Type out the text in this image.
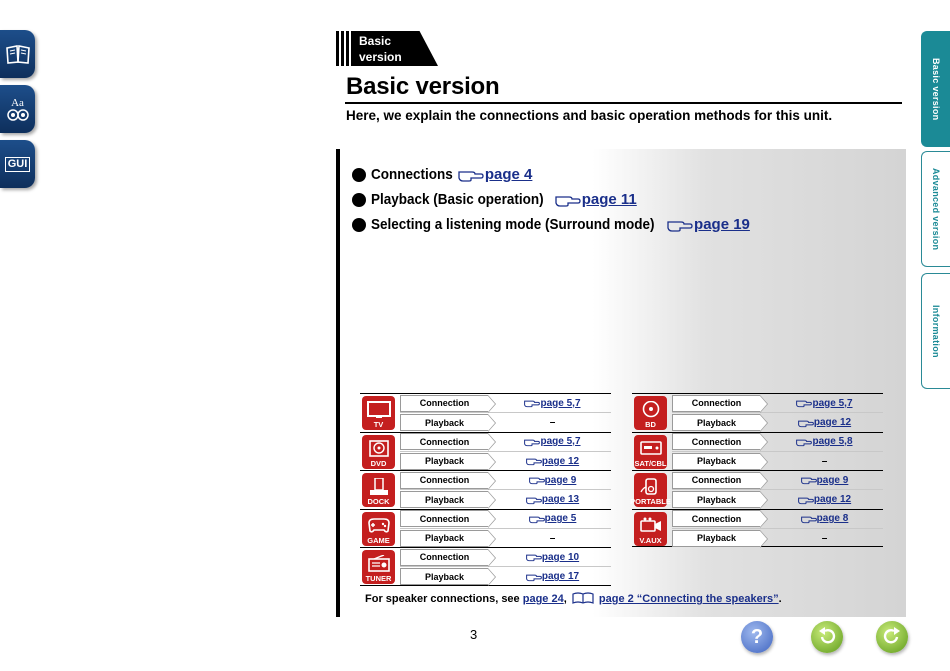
Aa
GUI
Basic version
Advanced version
Information
Basic
version
Basic version
Here, we explain the connections and basic operation methods for this unit.
Connections page 4
Playback (Basic operation)	page 11
Selecting a listening mode (Surround mode)	page 19
TV
Connection	page 5 , 7
Playback	–
DVD
Connection	page 5 , 7
Playback	page 12
DOCK
Connection	page 9
Playback	page 13
GAME
Connection	page 5
Playback	–
TUNER
Connection	page 10
Playback	page 17
BD
Connection	page 5 , 7
Playback	page 12
SAT/CBL
Connection	page 5 , 8
Playback	–
PORTABLE
Connection	page 9
Playback	page 12
V.AUX
Connection	page 8
Playback	–
For speaker connections, see page 24,	page 2 “Connecting the speakers”.
3	?
